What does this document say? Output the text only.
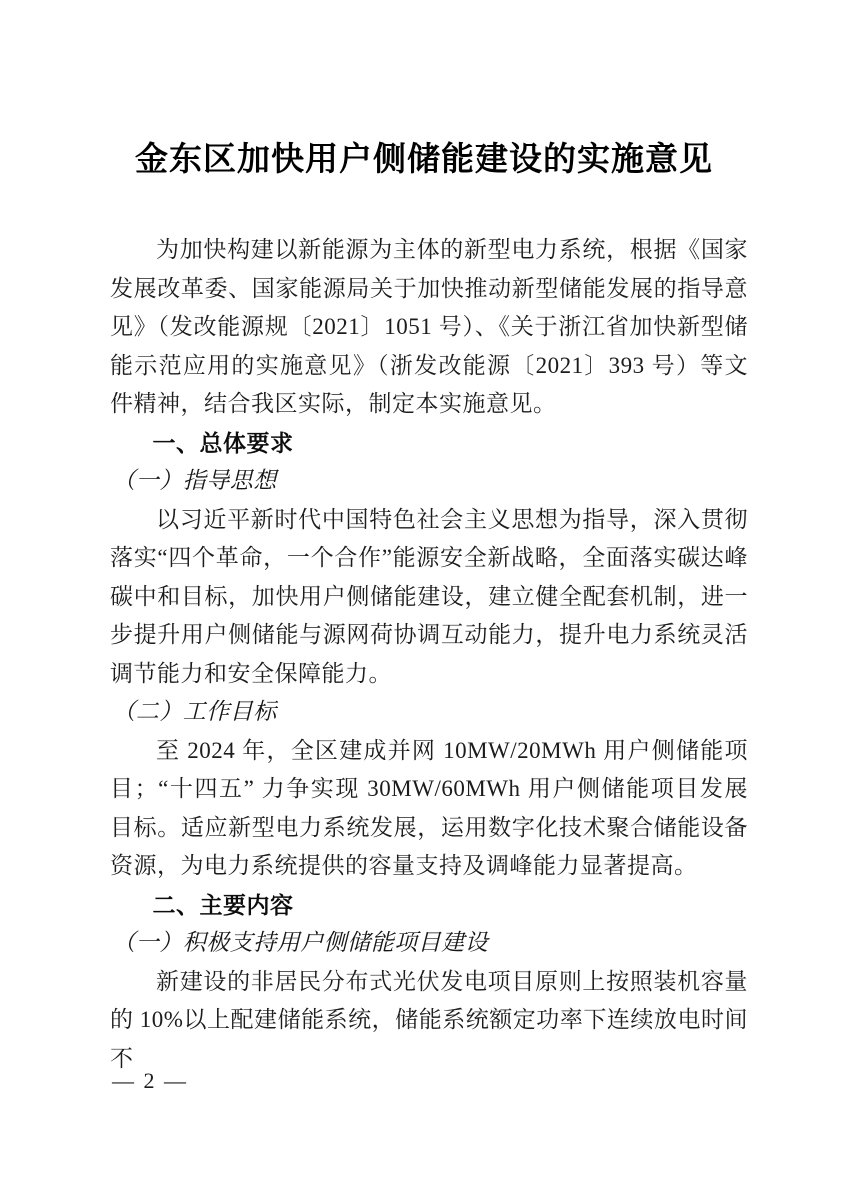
金东区加快用户侧储能建设的实施意见

为加快构建以新能源为主体的新型电力系统，根据《国家发展改革委、国家能源局关于加快推动新型储能发展的指导意见》（发改能源规〔2021〕1051 号）、《关于浙江省加快新型储能示范应用的实施意见》（浙发改能源〔2021〕393 号）等文件精神，结合我区实际，制定本实施意见。

一、总体要求

（一）指导思想

以习近平新时代中国特色社会主义思想为指导，深入贯彻落实“四个革命，一个合作”能源安全新战略，全面落实碳达峰碳中和目标，加快用户侧储能建设，建立健全配套机制，进一步提升用户侧储能与源网荷协调互动能力，提升电力系统灵活调节能力和安全保障能力。

（二）工作目标

至 2024 年，全区建成并网 10MW/20MWh 用户侧储能项目；“十四五” 力争实现 30MW/60MWh 用户侧储能项目发展目标。适应新型电力系统发展，运用数字化技术聚合储能设备资源，为电力系统提供的容量支持及调峰能力显著提高。

二、主要内容

（一）积极支持用户侧储能项目建设

新建设的非居民分布式光伏发电项目原则上按照装机容量的 10%以上配建储能系统，储能系统额定功率下连续放电时间不

— 2 —
